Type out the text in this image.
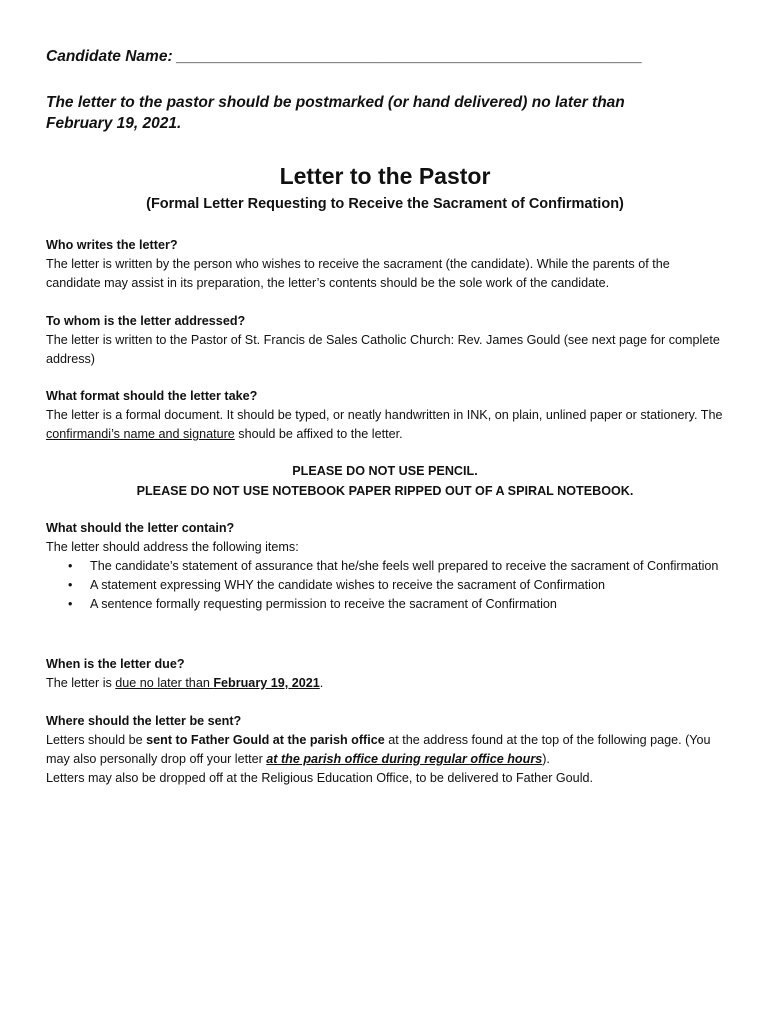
Candidate Name: ______________________________________________________
The letter to the pastor should be postmarked (or hand delivered) no later than February 19, 2021.
Letter to the Pastor
(Formal Letter Requesting to Receive the Sacrament of Confirmation)
Who writes the letter?
The letter is written by the person who wishes to receive the sacrament (the candidate). While the parents of the candidate may assist in its preparation, the letter’s contents should be the sole work of the candidate.
To whom is the letter addressed?
The letter is written to the Pastor of St. Francis de Sales Catholic Church: Rev. James Gould (see next page for complete address)
What format should the letter take?
The letter is a formal document. It should be typed, or neatly handwritten in INK, on plain, unlined paper or stationery. The confirmandi’s name and signature should be affixed to the letter.
PLEASE DO NOT USE PENCIL.
PLEASE DO NOT USE NOTEBOOK PAPER RIPPED OUT OF A SPIRAL NOTEBOOK.
What should the letter contain?
The letter should address the following items:
• The candidate’s statement of assurance that he/she feels well prepared to receive the sacrament of Confirmation
• A statement expressing WHY the candidate wishes to receive the sacrament of Confirmation
• A sentence formally requesting permission to receive the sacrament of Confirmation
When is the letter due?
The letter is due no later than February 19, 2021.
Where should the letter be sent?
Letters should be sent to Father Gould at the parish office at the address found at the top of the following page. (You may also personally drop off your letter at the parish office during regular office hours).
Letters may also be dropped off at the Religious Education Office, to be delivered to Father Gould.
